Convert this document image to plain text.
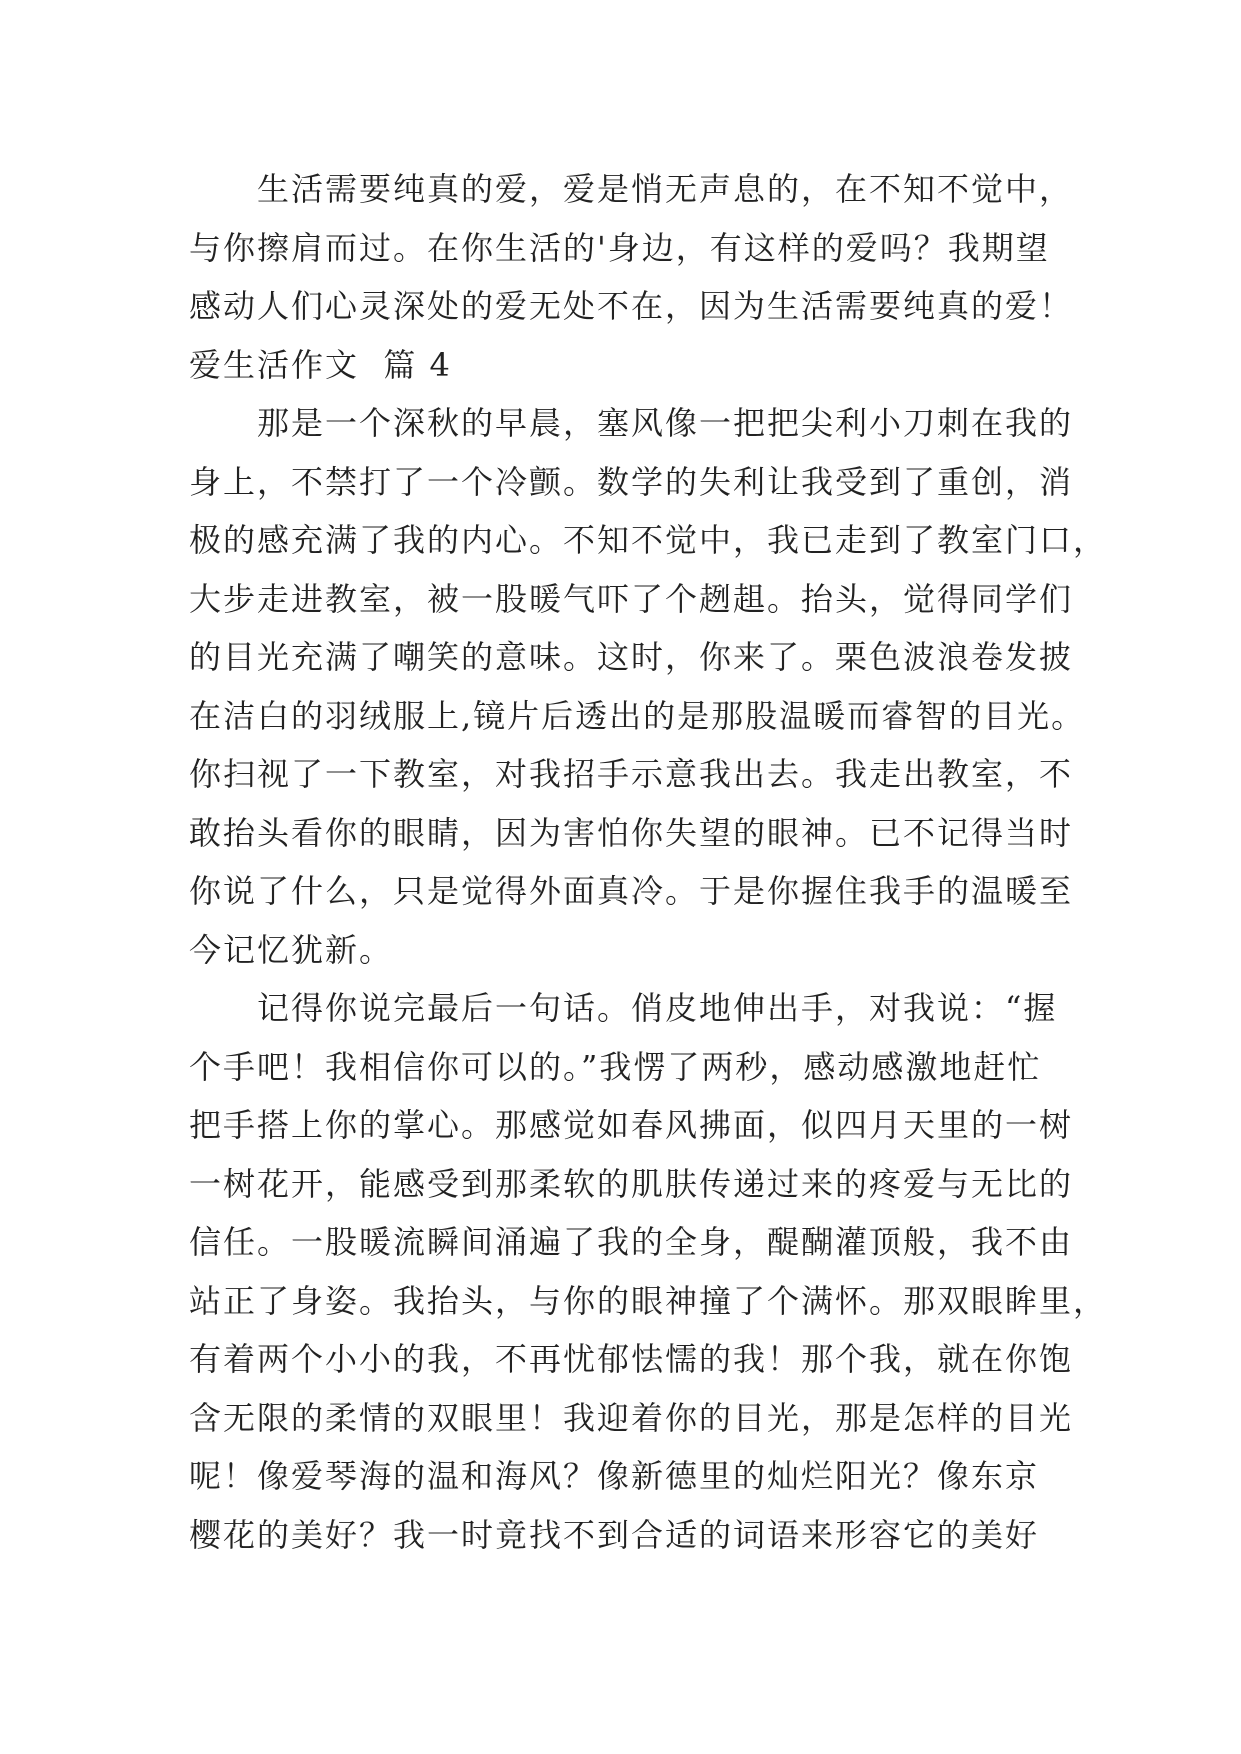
生活需要纯真的爱，爱是悄无声息的，在不知不觉中，
与你擦肩而过。在你生活的'身边，有这样的爱吗？我期望
感动人们心灵深处的爱无处不在，因为生活需要纯真的爱！
爱生活作文  篇 4
那是一个深秋的早晨，塞风像一把把尖利小刀刺在我的
身上，不禁打了一个冷颤。数学的失利让我受到了重创，消
极的感充满了我的内心。不知不觉中，我已走到了教室门口，
大步走进教室，被一股暖气吓了个趔趄。抬头，觉得同学们
的目光充满了嘲笑的意味。这时，你来了。栗色波浪卷发披
在洁白的羽绒服上,镜片后透出的是那股温暖而睿智的目光。
你扫视了一下教室，对我招手示意我出去。我走出教室，不
敢抬头看你的眼睛，因为害怕你失望的眼神。已不记得当时
你说了什么，只是觉得外面真冷。于是你握住我手的温暖至
今记忆犹新。
记得你说完最后一句话。俏皮地伸出手，对我说：“握
个手吧！我相信你可以的。”我愣了两秒，感动感激地赶忙
把手搭上你的掌心。那感觉如春风拂面，似四月天里的一树
一树花开，能感受到那柔软的肌肤传递过来的疼爱与无比的
信任。一股暖流瞬间涌遍了我的全身，醍醐灌顶般，我不由
站正了身姿。我抬头，与你的眼神撞了个满怀。那双眼眸里，
有着两个小小的我，不再忧郁怯懦的我！那个我，就在你饱
含无限的柔情的双眼里！我迎着你的目光，那是怎样的目光
呢！像爱琴海的温和海风？像新德里的灿烂阳光？像东京
樱花的美好？我一时竟找不到合适的词语来形容它的美好
